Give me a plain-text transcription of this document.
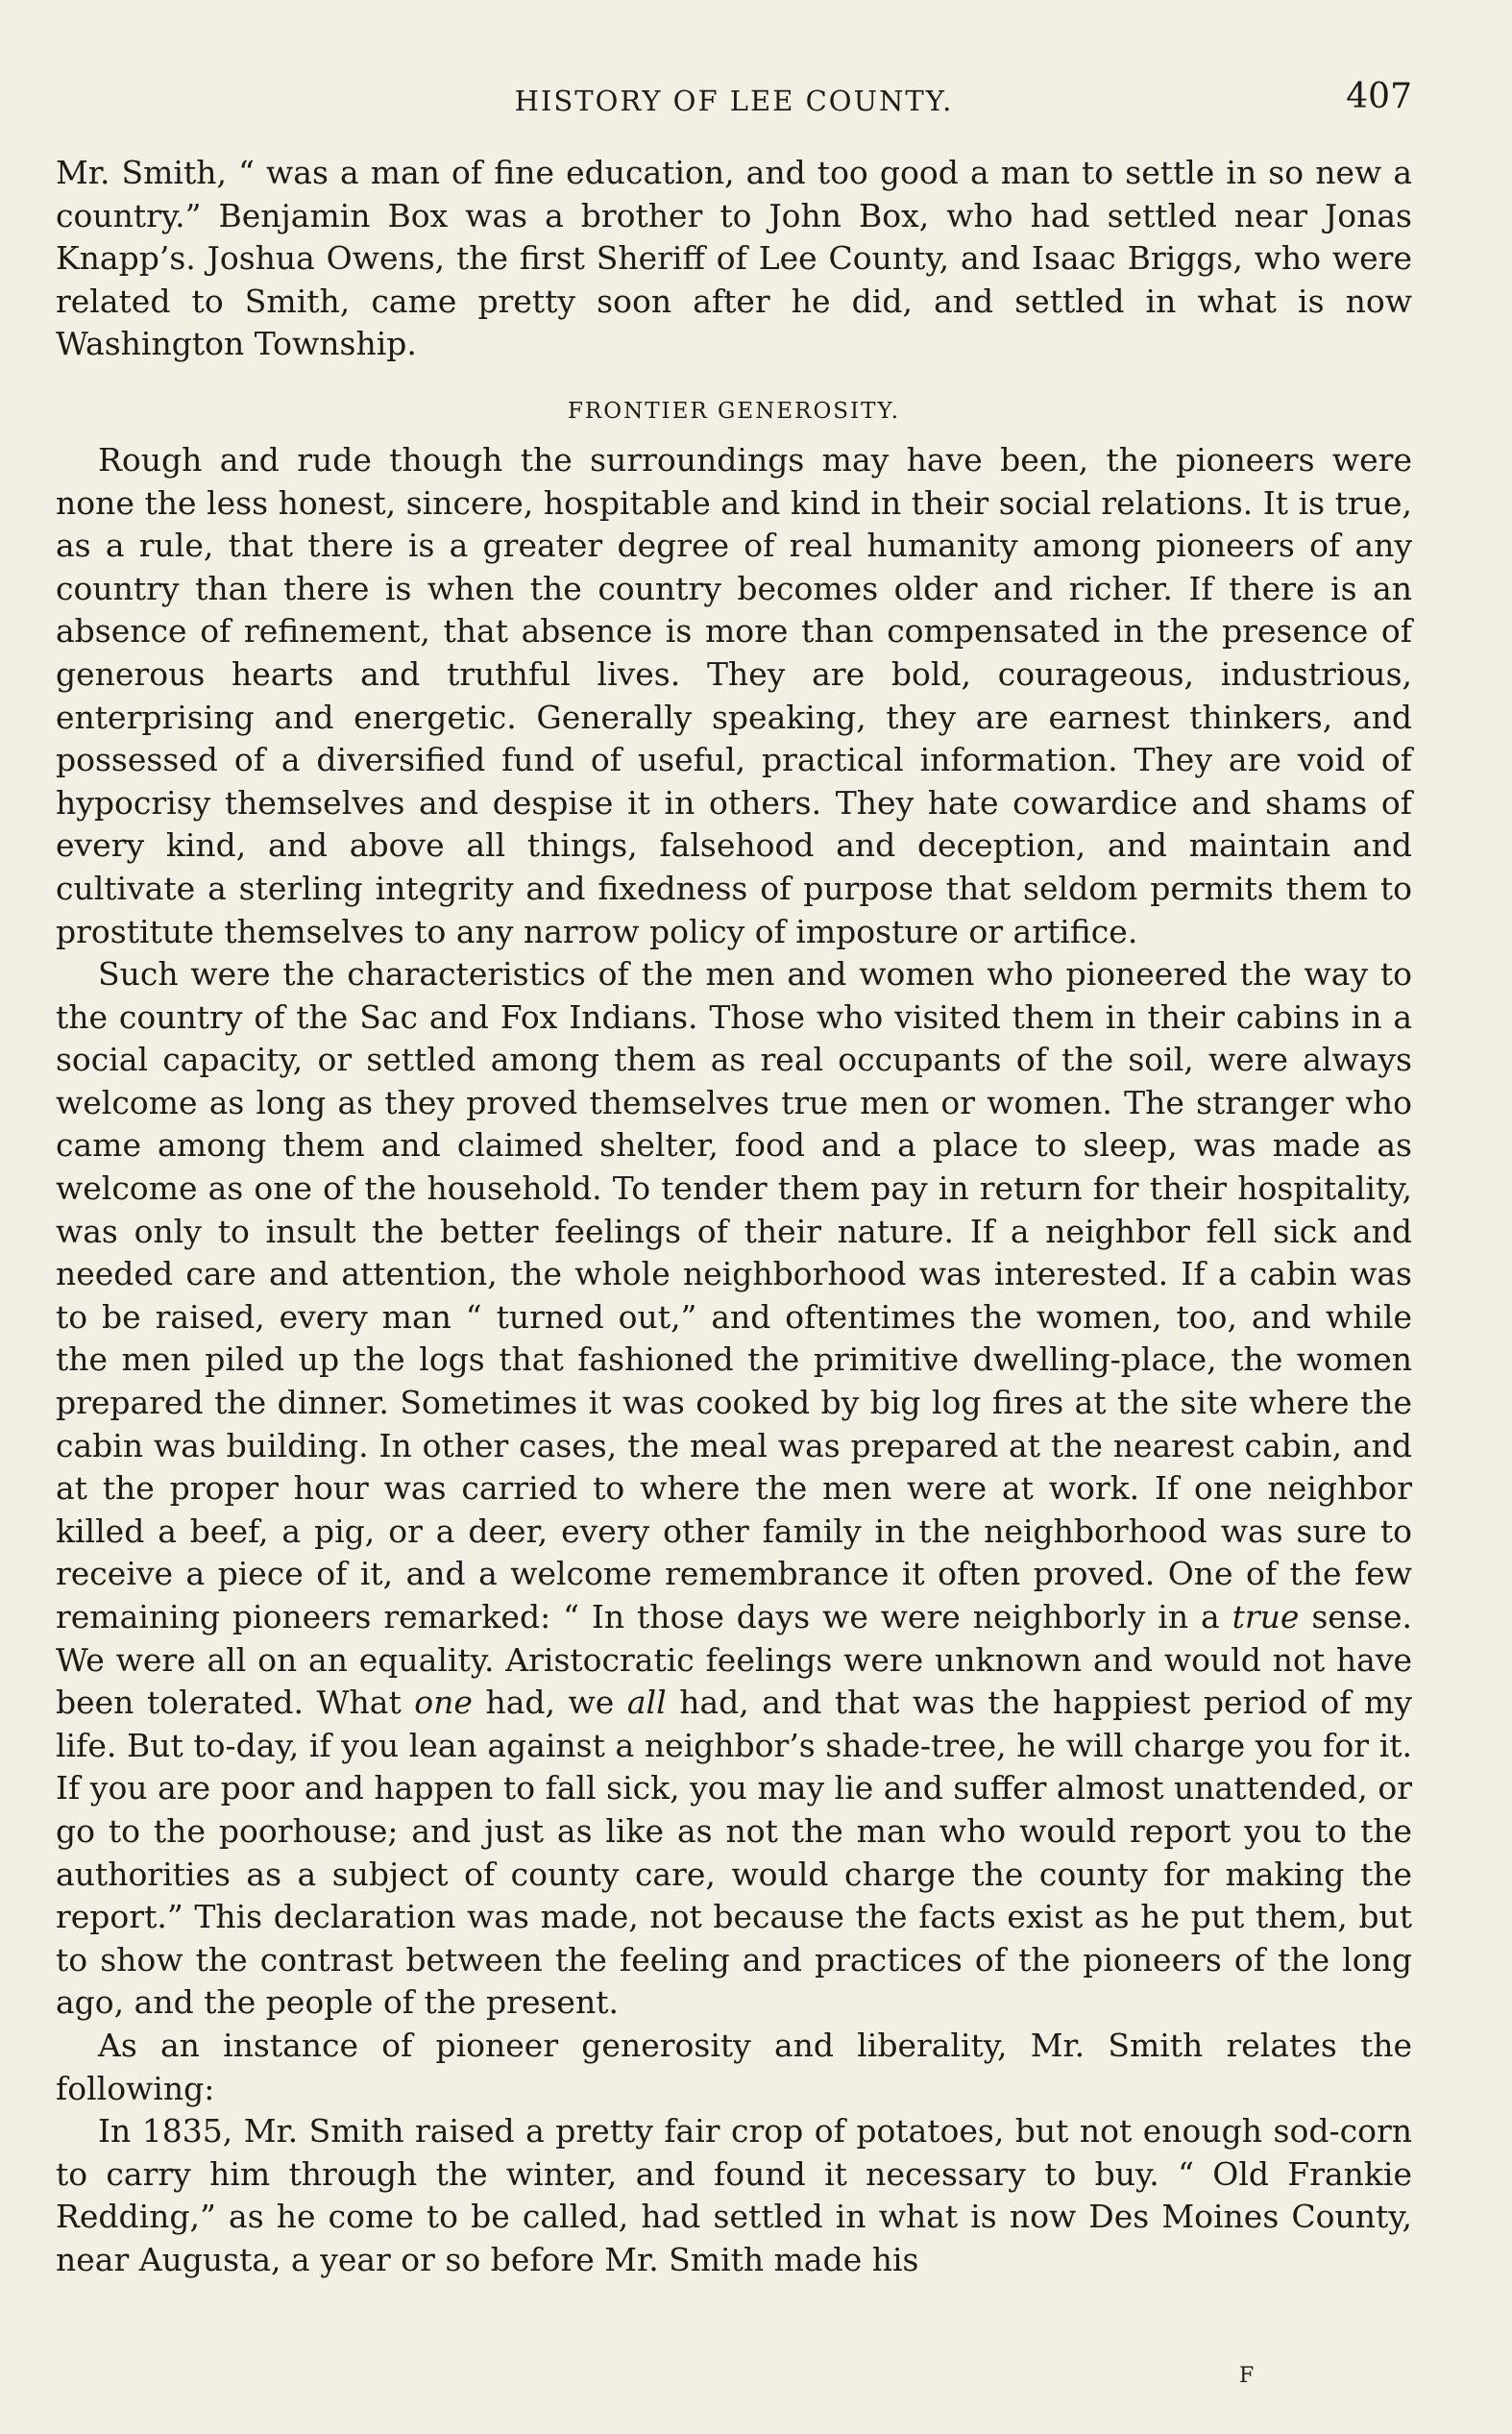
HISTORY OF LEE COUNTY.	407

Mr. Smith, “ was a man of fine education, and too good a man to settle in so new a country.” Benjamin Box was a brother to John Box, who had settled near Jonas Knapp’s. Joshua Owens, the first Sheriff of Lee County, and Isaac Briggs, who were related to Smith, came pretty soon after he did, and settled in what is now Washington Township.

FRONTIER GENEROSITY.

Rough and rude though the surroundings may have been, the pioneers were none the less honest, sincere, hospitable and kind in their social relations. It is true, as a rule, that there is a greater degree of real humanity among pioneers of any country than there is when the country becomes older and richer. If there is an absence of refinement, that absence is more than compensated in the presence of generous hearts and truthful lives. They are bold, courageous, industrious, enterprising and energetic. Generally speaking, they are earnest thinkers, and possessed of a diversified fund of useful, practical information. They are void of hypocrisy themselves and despise it in others. They hate cowardice and shams of every kind, and above all things, falsehood and deception, and maintain and cultivate a sterling integrity and fixedness of purpose that seldom permits them to prostitute themselves to any narrow policy of imposture or artifice.

Such were the characteristics of the men and women who pioneered the way to the country of the Sac and Fox Indians. Those who visited them in their cabins in a social capacity, or settled among them as real occupants of the soil, were always welcome as long as they proved themselves true men or women. The stranger who came among them and claimed shelter, food and a place to sleep, was made as welcome as one of the household. To tender them pay in return for their hospitality, was only to insult the better feelings of their nature. If a neighbor fell sick and needed care and attention, the whole neighborhood was interested. If a cabin was to be raised, every man “ turned out,” and oftentimes the women, too, and while the men piled up the logs that fashioned the primitive dwelling-place, the women prepared the dinner. Sometimes it was cooked by big log fires at the site where the cabin was building. In other cases, the meal was prepared at the nearest cabin, and at the proper hour was carried to where the men were at work. If one neighbor killed a beef, a pig, or a deer, every other family in the neighborhood was sure to receive a piece of it, and a welcome remembrance it often proved. One of the few remaining pioneers remarked: “ In those days we were neighborly in a true sense. We were all on an equality. Aristocratic feelings were unknown and would not have been tolerated. What one had, we all had, and that was the happiest period of my life. But to-day, if you lean against a neighbor’s shade-tree, he will charge you for it. If you are poor and happen to fall sick, you may lie and suffer almost unattended, or go to the poorhouse; and just as like as not the man who would report you to the authorities as a subject of county care, would charge the county for making the report.” This declaration was made, not because the facts exist as he put them, but to show the contrast between the feeling and practices of the pioneers of the long ago, and the people of the present.

As an instance of pioneer generosity and liberality, Mr. Smith relates the following:

In 1835, Mr. Smith raised a pretty fair crop of potatoes, but not enough sod-corn to carry him through the winter, and found it necessary to buy. “ Old Frankie Redding,” as he come to be called, had settled in what is now Des Moines County, near Augusta, a year or so before Mr. Smith made his

F
